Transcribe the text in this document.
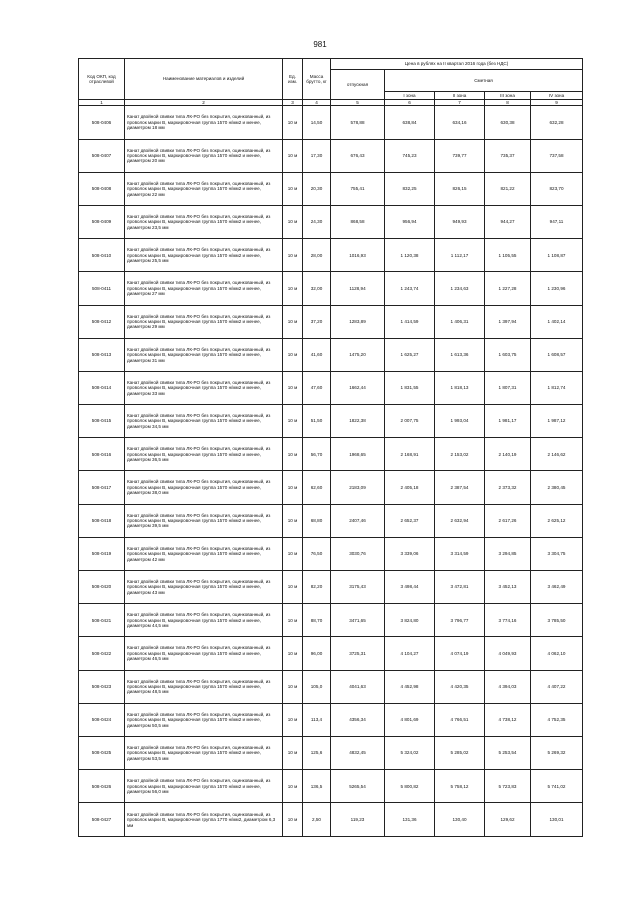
981
Код ОКП, код отраслевой	Наименование материалов и изделий	Ед. изм.	Масса брутто, кг	Цена в рублях на II квартал 2016 года (без НДС)				
				отпускная	Сметная			
					I зона	II зона	III зона	IV зона
1	2	3	4	5	6	7	8	9
508-0406	Канат двойной свивки типа ЛК-РО без покрытия, оцинкованный, из проволок марки В, маркировочная группа 1570 н/мм2 и менее, диаметром 18 мм	10 м	14,50	578,88	638,84	634,16	630,38	632,28
508-0407	Канат двойной свивки типа ЛК-РО без покрытия, оцинкованный, из проволок марки В, маркировочная группа 1570 н/мм2 и менее, диаметром 20 мм	10 м	17,30	676,43	745,23	739,77	735,37	737,58
508-0408	Канат двойной свивки типа ЛК-РО без покрытия, оцинкованный, из проволок марки В, маркировочная группа 1570 н/мм2 и менее, диаметром 22 мм	10 м	20,30	755,41	832,25	826,15	821,22	823,70
508-0409	Канат двойной свивки типа ЛК-РО без покрытия, оцинкованный, из проволок марки В, маркировочная группа 1570 н/мм2 и менее, диаметром 23,5 мм	10 м	24,30	868,58	956,94	949,93	944,27	947,11
508-0410	Канат двойной свивки типа ЛК-РО без покрытия, оцинкованный, из проволок марки В, маркировочная группа 1570 н/мм2 и менее, диаметром 25,5 мм	10 м	28,00	1016,93	1 120,38	1 112,17	1 105,55	1 108,87
508-0411	Канат двойной свивки типа ЛК-РО без покрытия, оцинкованный, из проволок марки В, маркировочная группа 1570 н/мм2 и менее, диаметром 27 мм	10 м	32,00	1128,94	1 243,74	1 234,63	1 227,28	1 230,96
508-0412	Канат двойной свивки типа ЛК-РО без покрытия, оцинкованный, из проволок марки В, маркировочная группа 1570 н/мм2 и менее, диаметром 29 мм	10 м	37,20	1283,89	1 414,59	1 406,31	1 397,94	1 402,14
508-0413	Канат двойной свивки типа ЛК-РО без покрытия, оцинкованный, из проволок марки В, маркировочная группа 1570 н/мм2 и менее, диаметром 31 мм	10 м	41,60	1475,20	1 625,27	1 613,36	1 603,75	1 608,57
508-0414	Канат двойной свивки типа ЛК-РО без покрытия, оцинкованный, из проволок марки В, маркировочная группа 1570 н/мм2 и менее, диаметром 33 мм	10 м	47,60	1662,44	1 831,55	1 818,13	1 807,31	1 812,74
508-0415	Канат двойной свивки типа ЛК-РО без покрытия, оцинкованный, из проволок марки В, маркировочная группа 1570 н/мм2 и менее, диаметром 34,5 мм	10 м	51,50	1822,38	2 007,75	1 993,04	1 981,17	1 987,12
508-0416	Канат двойной свивки типа ЛК-РО без покрытия, оцинкованный, из проволок марки В, маркировочная группа 1570 н/мм2 и менее, диаметром 36,5 мм	10 м	56,70	1968,65	2 168,91	2 153,02	2 140,19	2 146,62
508-0417	Канат двойной свивки типа ЛК-РО без покрытия, оцинкованный, из проволок марки В, маркировочная группа 1570 н/мм2 и менее, диаметром 38,0 мм	10 м	62,60	2183,09	2 405,18	2 387,54	2 373,32	2 380,45
508-0418	Канат двойной свивки типа ЛК-РО без покрытия, оцинкованный, из проволок марки В, маркировочная группа 1570 н/мм2 и менее, диаметром 39,5 мм	10 м	68,80	2407,46	2 652,37	2 632,94	2 617,26	2 625,12
508-0419	Канат двойной свивки типа ЛК-РО без покрытия, оцинкованный, из проволок марки В, маркировочная группа 1570 н/мм2 и менее, диаметром 42 мм	10 м	76,50	3030,76	3 339,06	3 314,59	3 294,85	3 304,75
508-0420	Канат двойной свивки типа ЛК-РО без покрытия, оцинкованный, из проволок марки В, маркировочная группа 1570 н/мм2 и менее, диаметром 43 мм	10 м	82,20	3175,43	3 498,44	3 472,81	3 452,13	3 462,49
508-0421	Канат двойной свивки типа ЛК-РО без покрытия, оцинкованный, из проволок марки В, маркировочная группа 1570 н/мм2 и менее, диаметром 44,5 мм	10 м	88,70	3471,65	3 824,80	3 796,77	3 774,16	3 785,50
508-0422	Канат двойной свивки типа ЛК-РО без покрытия, оцинкованный, из проволок марки В, маркировочная группа 1570 н/мм2 и менее, диаметром 46,5 мм	10 м	96,00	3725,31	4 104,27	4 074,19	4 049,93	4 062,10
508-0423	Канат двойной свивки типа ЛК-РО без покрытия, оцинкованный, из проволок марки В, маркировочная группа 1570 н/мм2 и менее, диаметром 48,5 мм	10 м	105,0	4041,63	4 452,98	4 420,35	4 394,03	4 407,22
508-0424	Канат двойной свивки типа ЛК-РО без покрытия, оцинкованный, из проволок марки В, маркировочная группа 1570 н/мм2 и менее, диаметром 50,5 мм	10 м	113,4	4356,34	4 801,69	4 766,51	4 738,12	4 752,35
508-0425	Канат двойной свивки типа ЛК-РО без покрытия, оцинкованный, из проволок марки В, маркировочная группа 1570 н/мм2 и менее, диаметром 53,5 мм	10 м	125,6	4832,45	5 324,02	5 285,02	5 253,54	5 269,32
508-0426	Канат двойной свивки типа ЛК-РО без покрытия, оцинкованный, из проволок марки В, маркировочная группа 1570 н/мм2 и менее, диаметром 56,0 мм	10 м	136,5	5265,54	5 800,82	5 758,12	5 723,83	5 741,02
508-0427	Канат двойной свивки типа ЛК-РО без покрытия, оцинкованный, из проволок марки В, маркировочная группа 1770 н/мм2, диаметром 6,3 мм	10 м	2,50	119,23	131,36	130,40	129,62	130,01
